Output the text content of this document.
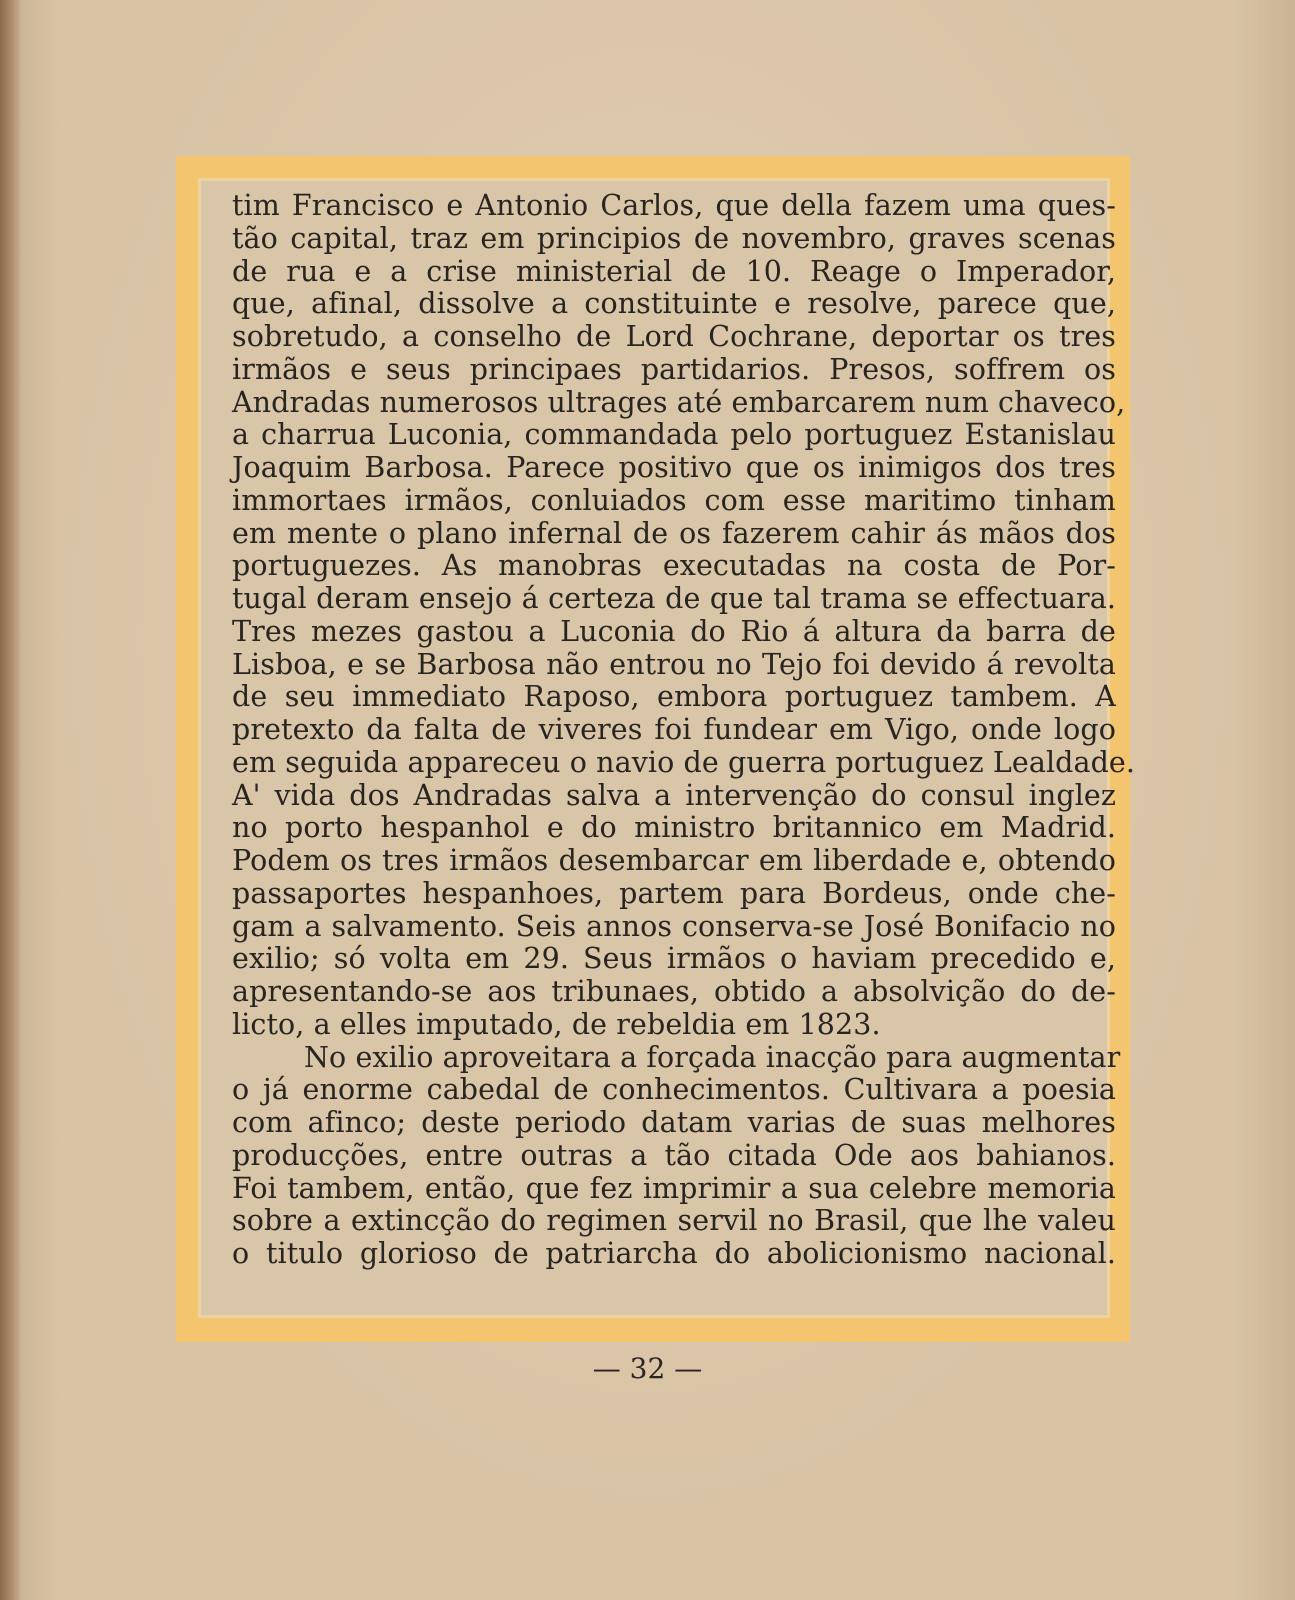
tim Francisco e Antonio Carlos, que della fazem uma ques-
tão capital, traz em principios de novembro, graves scenas
de rua e a crise ministerial de 10. Reage o Imperador,
que, afinal, dissolve a constituinte e resolve, parece que,
sobretudo, a conselho de Lord Cochrane, deportar os tres
irmãos e seus principaes partidarios. Presos, soffrem os
Andradas numerosos ultrages até embarcarem num chaveco,
a charrua Luconia, commandada pelo portuguez Estanislau
Joaquim Barbosa. Parece positivo que os inimigos dos tres
immortaes irmãos, conluiados com esse maritimo tinham
em mente o plano infernal de os fazerem cahir ás mãos dos
portuguezes. As manobras executadas na costa de Por-
tugal deram ensejo á certeza de que tal trama se effectuara.
Tres mezes gastou a Luconia do Rio á altura da barra de
Lisboa, e se Barbosa não entrou no Tejo foi devido á revolta
de seu immediato Raposo, embora portuguez tambem. A
pretexto da falta de viveres foi fundear em Vigo, onde logo
em seguida appareceu o navio de guerra portuguez Lealdade.
A' vida dos Andradas salva a intervenção do consul inglez
no porto hespanhol e do ministro britannico em Madrid.
Podem os tres irmãos desembarcar em liberdade e, obtendo
passaportes hespanhoes, partem para Bordeus, onde che-
gam a salvamento. Seis annos conserva-se José Bonifacio no
exilio; só volta em 29. Seus irmãos o haviam precedido e,
apresentando-se aos tribunaes, obtido a absolvição do de-
licto, a elles imputado, de rebeldia em 1823.
No exilio aproveitara a forçada inacção para augmentar
o já enorme cabedal de conhecimentos. Cultivara a poesia
com afinco; deste periodo datam varias de suas melhores
producções, entre outras a tão citada Ode aos bahianos.
Foi tambem, então, que fez imprimir a sua celebre memoria
sobre a extincção do regimen servil no Brasil, que lhe valeu
o titulo glorioso de patriarcha do abolicionismo nacional.
— 32 —
